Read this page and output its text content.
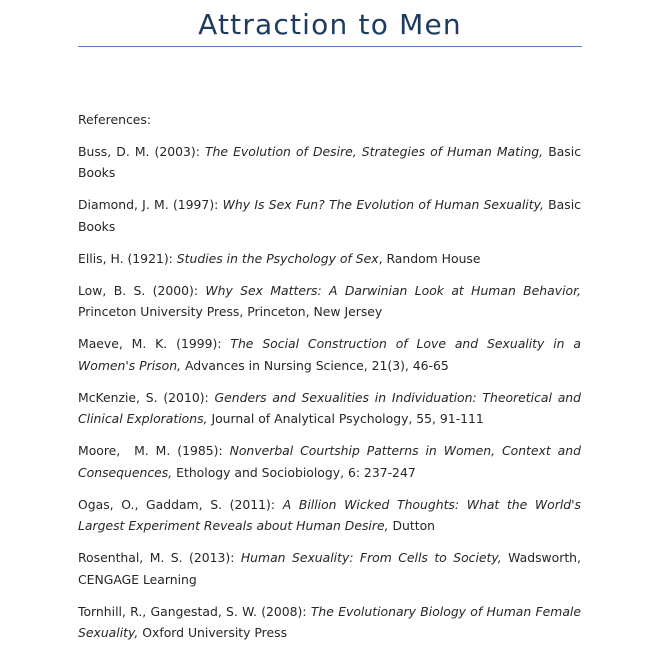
Attraction to Men

References:

Buss, D. M. (2003): The Evolution of Desire, Strategies of Human Mating, Basic Books

Diamond, J. M. (1997): Why Is Sex Fun? The Evolution of Human Sexuality, Basic Books

Ellis, H. (1921): Studies in the Psychology of Sex, Random House

Low, B. S. (2000): Why Sex Matters: A Darwinian Look at Human Behavior, Princeton University Press, Princeton, New Jersey

Maeve, M. K. (1999): The Social Construction of Love and Sexuality in a Women's Prison, Advances in Nursing Science, 21(3), 46-65

McKenzie, S. (2010): Genders and Sexualities in Individuation: Theoretical and Clinical Explorations, Journal of Analytical Psychology, 55, 91-111

Moore,  M. M. (1985): Nonverbal Courtship Patterns in Women, Context and Consequences, Ethology and Sociobiology, 6: 237-247

Ogas, O., Gaddam, S. (2011): A Billion Wicked Thoughts: What the World's Largest Experiment Reveals about Human Desire, Dutton

Rosenthal, M. S. (2013): Human Sexuality: From Cells to Society, Wadsworth, CENGAGE Learning

Tornhill, R., Gangestad, S. W. (2008): The Evolutionary Biology of Human Female Sexuality, Oxford University Press
